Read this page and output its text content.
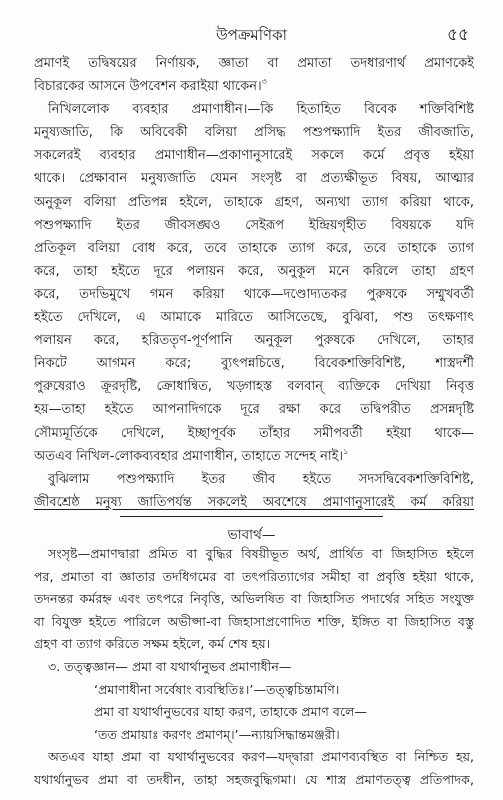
উপক্রমণিকা	৫৫
প্রমাণই তদ্বিষয়ের নির্ণায়ক, জ্ঞাতা বা প্রমাতা তদধারণার্থ প্রমাণকেই
বিচারকের আসনে উপবেশন করাইয়া থাকেন।$^৩$
নিখিললোক ব্যবহার প্রমাণাধীন।—কি হিতাহিত বিবেক শক্তিবিশিষ্ট
মনুষ্যজাতি, কি অবিবেকী বলিয়া প্রসিদ্ধ পশুপক্ষ্যাদি ইতর জীবজাতি,
সকলেরই ব্যবহার প্রমাণাধীন—প্রকাণানুসারেই সকলে কর্মে প্রবৃত্ত হইয়া
থাকে। প্রেক্ষাবান মনুষ্যজাতি যেমন সংসৃষ্ট বা প্রত্যক্ষীভূত বিষয়, আত্মার
অনুকূল বলিয়া প্রতিপন্ন হইলে, তাহাকে গ্রহণ, অন্যথা ত্যাগ করিয়া থাকে,
পশুপক্ষ্যাদি ইতর জীবসঙ্ঘও সেইরূপ ইন্দ্রিয়গৃহীত বিষয়কে যদি
প্রতিকূল বলিয়া বোধ করে, তবে তাহাকে ত্যাগ করে, তবে তাহাকে ত্যাগ
করে, তাহা হইতে দূরে পলায়ন করে, অনুকূল মনে করিলে তাহা গ্রহণ
করে, তদভিমুখে গমন করিয়া থাকে—দণ্ডোদ্যতকর পুরুষকে সম্মুখবর্তী
হইতে দেখিলে, এ আমাকে মারিতে আসিতেছে, বুঝিবা, পশু তৎক্ষণাৎ
পলায়ন করে, হরিততৃণ-পূর্ণপানি অনুকূল পুরুষকে দেখিলে, তাহার
নিকটে আগমন করে; ব্যুৎপন্নচিত্তে, বিবেকশক্তিবিশিষ্ট, শাস্ত্রদর্শী
পুরুষেরাও ক্রূরদৃষ্টি, ক্রোধান্বিত, খড়্গাহস্ত বলবান্ ব্যক্তিকে দেখিয়া নিবৃত্ত
হয়—তাহা হইতে আপনাদিগকে দূরে রক্ষা করে তদ্বিপরীত প্রসন্নদৃষ্টি
সৌম্যমূর্তিকে দেখিলে, ইচ্ছাপূর্বক তাঁহার সমীপবর্তী হইয়া থাকে—
অতএব নিখিল-লোকব্যবহার প্রমাণাধীন, তাহাতে সন্দেহ নাই।$^১$
বুঝিলাম পশুপক্ষ্যাদি ইতর জীব হইতে সদসদ্বিবেকশক্তিবিশিষ্ট,
জীবশ্রেষ্ঠ মনুষ্য জাতিপর্যন্ত সকলেই অবশেষে প্রমাণানুসারেই কর্ম করিয়া
ভাবার্থ—
সংসৃষ্ট—প্রমাণদ্বারা প্রমিত বা বুদ্ধির বিষয়ীভূত অর্থ, প্রার্থিত বা জিহাসিত হইলে
পর, প্রমাতা বা জ্ঞাতার তদধিগমের বা তৎপরিত্যাগের সমীহা বা প্রবৃত্তি হইয়া থাকে,
তদনন্তর কর্মরহ্ন এবং তৎপরে নিবৃত্তি, অভিলষিত বা জিহাসিত পদার্থের সহিত সংযুক্ত
বা বিযুক্ত হইতে পারিলে অভীপ্সা-বা জিহাসাপ্রণোদিত শক্তি, ইঙ্গিত বা জিহাসিত বস্তু
গ্রহণ বা ত্যাগ করিতে সক্ষম হইলে, কর্ম শেষ হয়।
৩. তত্ত্বজ্ঞান— প্রমা বা যথার্থানুভব প্রমাণাধীন—
‘প্রমাণাধীনা সর্বেষাং ব্যবস্থিতিঃ।’—তত্ত্বচিন্তামণি।
প্রমা বা যথার্থানুভবের যাহা করণ, তাহাকে প্রমাণ বলে—
‘তত প্রমায়াঃ করণং প্রমাণম্।’—ন্যায়সিদ্ধান্তমঞ্জরী।
অতএব যাহা প্রমা বা যথার্থানুভবের করণ—যদ্দ্বারা প্রমাণব্যবস্থিত বা নিশ্চিত হয়,
যথার্থানুভব প্রমা বা তদধীন, তাহা সহজবুদ্ধিগমা। যে শাস্ত্র প্রমাণতত্ত্ব প্রতিপাদক,
